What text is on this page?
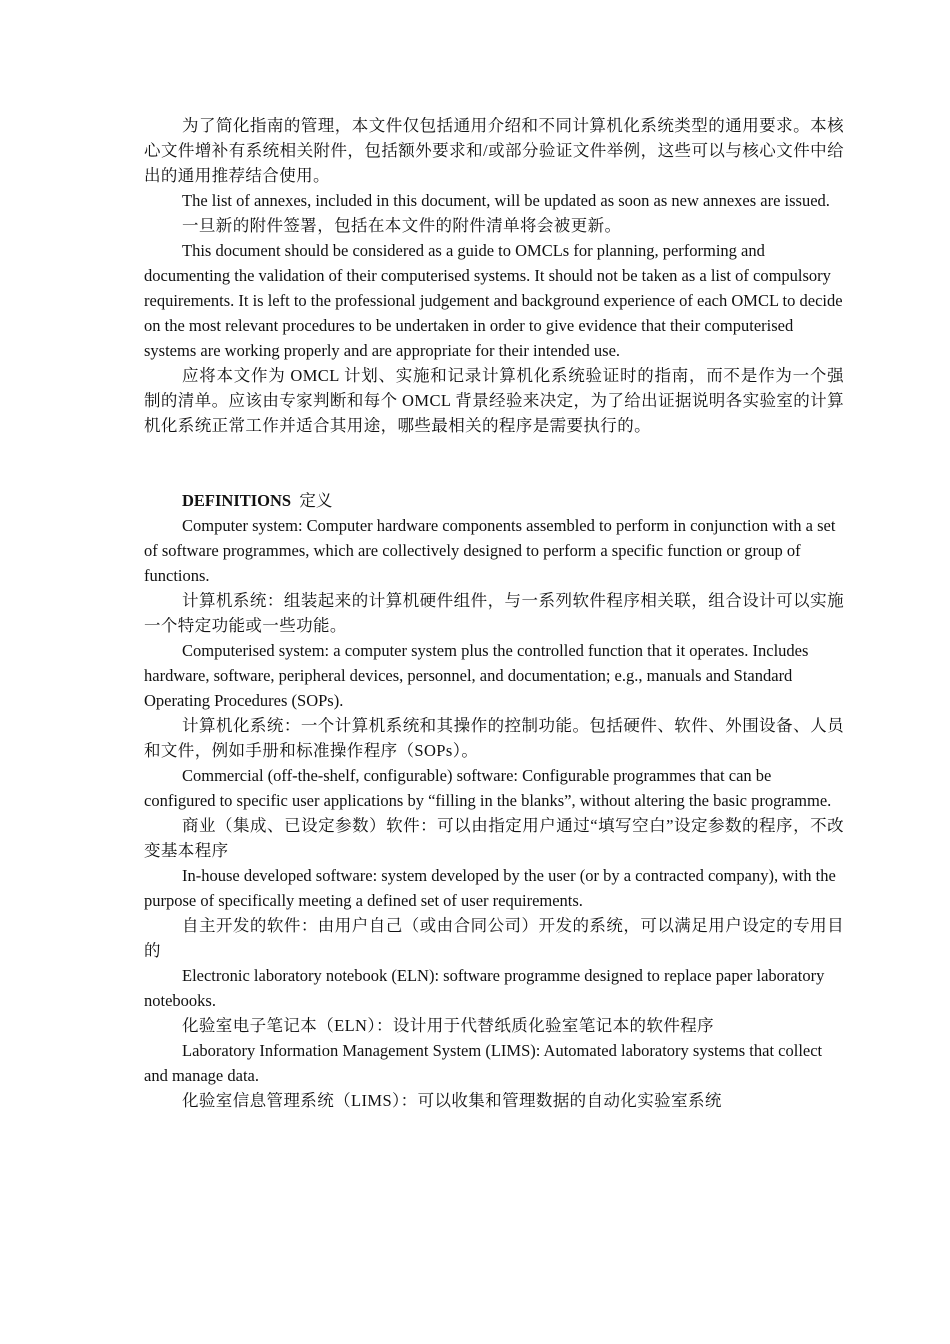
为了简化指南的管理，本文件仅包括通用介绍和不同计算机化系统类型的通用要求。本核心文件增补有系统相关附件，包括额外要求和/或部分验证文件举例，这些可以与核心文件中给出的通用推荐结合使用。

The list of annexes, included in this document, will be updated as soon as new annexes are issued.

一旦新的附件签署，包括在本文件的附件清单将会被更新。

This document should be considered as a guide to OMCLs for planning, performing and documenting the validation of their computerised systems. It should not be taken as a list of compulsory requirements. It is left to the professional judgement and background experience of each OMCL to decide on the most relevant procedures to be undertaken in order to give evidence that their computerised systems are working properly and are appropriate for their intended use.

应将本文作为 OMCL 计划、实施和记录计算机化系统验证时的指南，而不是作为一个强制的清单。应该由专家判断和每个 OMCL 背景经验来决定，为了给出证据说明各实验室的计算机化系统正常工作并适合其用途，哪些最相关的程序是需要执行的。

DEFINITIONS 定义

Computer system: Computer hardware components assembled to perform in conjunction with a set of software programmes, which are collectively designed to perform a specific function or group of functions.

计算机系统：组装起来的计算机硬件组件，与一系列软件程序相关联，组合设计可以实施一个特定功能或一些功能。

Computerised system: a computer system plus the controlled function that it operates. Includes hardware, software, peripheral devices, personnel, and documentation; e.g., manuals and Standard Operating Procedures (SOPs).

计算机化系统：一个计算机系统和其操作的控制功能。包括硬件、软件、外围设备、人员和文件，例如手册和标准操作程序（SOPs）。

Commercial (off-the-shelf, configurable) software: Configurable programmes that can be configured to specific user applications by “filling in the blanks”, without altering the basic programme.

商业（集成、已设定参数）软件：可以由指定用户通过“填写空白”设定参数的程序，不改变基本程序

In-house developed software: system developed by the user (or by a contracted company), with the purpose of specifically meeting a defined set of user requirements.

自主开发的软件：由用户自己（或由合同公司）开发的系统，可以满足用户设定的专用目的

Electronic laboratory notebook (ELN): software programme designed to replace paper laboratory notebooks.

化验室电子笔记本（ELN）：设计用于代替纸质化验室笔记本的软件程序

Laboratory Information Management System (LIMS): Automated laboratory systems that collect and manage data.

化验室信息管理系统（LIMS）：可以收集和管理数据的自动化实验室系统
